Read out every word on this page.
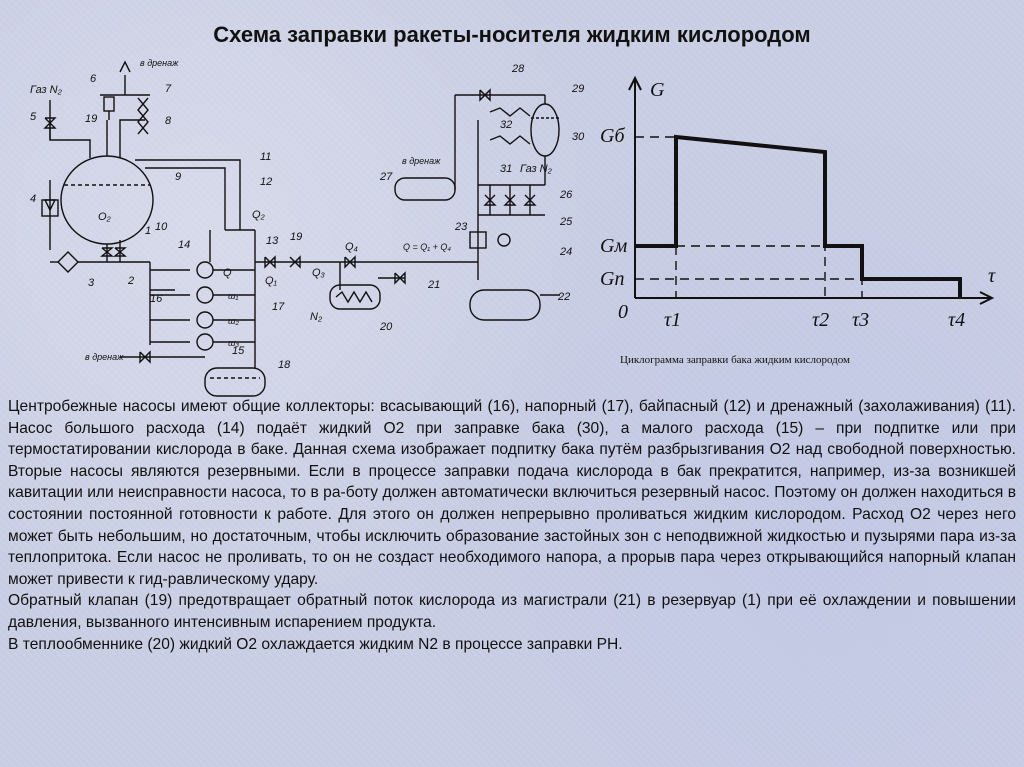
Схема заправки ракеты-носителя жидким кислородом
G
τ
0
Gб
Gм
Gп
τ1	τ2 τ3	τ4
1
2
3
4
5
6
7
8
9
10
11
12
13
14
15
16
17
18
19
19
20
21
22
23
24
25
26
27
28
29
30
31
32
Газ N₂
Газ N₂
в дренаж
в дренаж
в дренаж
O₂
N₂
Q
Q₁
Q₂
Q₃
Q₄	Q = Q₁ + Q₄
ш₁
ш₂
ш₃
Циклограмма заправки бака жидким кислородом

Центробежные насосы имеют общие коллекторы: всасывающий (16), напорный (17), байпасный (12) и дренажный (захолаживания) (11). Насос большого расхода (14) подаёт жидкий О2 при заправке бака (30), а малого расхода (15) – при подпитке или при термостатировании кислорода в баке. Данная схема изображает подпитку бака путём разбрызгивания О2 над свободной поверхностью. Вторые насосы являются резервными. Если в процессе заправки подача кислорода в бак прекратится, например, из-за возникшей кавитации или неисправности насоса, то в ра-боту должен автоматически включиться резервный насос. Поэтому он должен находиться в состоянии постоянной готовности к работе. Для этого он должен непрерывно проливаться жидким кислородом. Расход О2 через него может быть небольшим, но достаточным, чтобы исключить образование застойных зон с неподвижной жидкостью и пузырями пара из-за теплопритока. Если насос не проливать, то он не создаст необходимого напора, а прорыв пара через открывающийся напорный клапан может привести к гид-равлическому удару.

Обратный клапан (19) предотвращает обратный поток кислорода из магистрали (21) в резервуар (1) при её охлаждении и повышении давления, вызванного интенсивным испарением продукта.

В теплообменнике (20) жидкий О2 охлаждается жидким N2 в процессе заправки РН.
